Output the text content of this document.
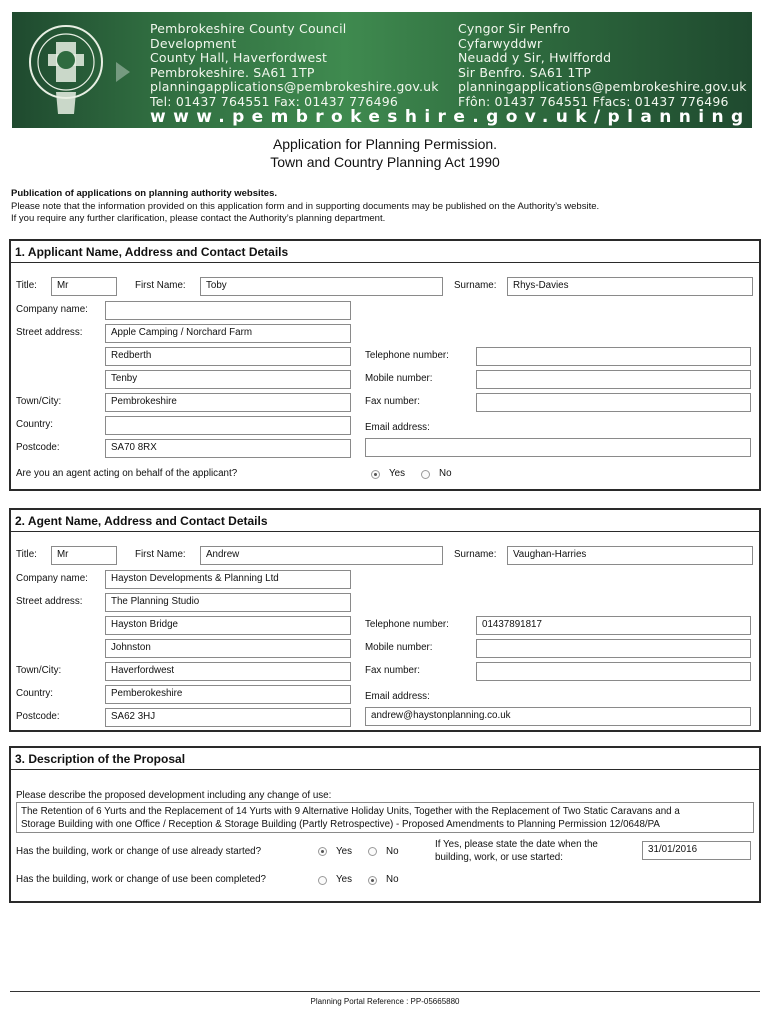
Pembrokeshire County Council
Development
County Hall, Haverfordwest
Pembrokeshire. SA61 1TP
planningapplications@pembrokeshire.gov.uk
Tel: 01437 764551 Fax: 01437 776496
Cyngor Sir Penfro
Cyfarwyddwr
Neuadd y Sir, Hwlffordd
Sir Benfro. SA61 1TP
planningapplications@pembrokeshire.gov.uk
Ffôn: 01437 764551 Ffacs: 01437 776496
www.pembrokeshire.gov.uk/planning
Application for Planning Permission.
Town and Country Planning Act 1990
Publication of applications on planning authority websites.
Please note that the information provided on this application form and in supporting documents may be published on the Authority’s website.
If you require any further clarification, please contact the Authority’s planning department.
1. Applicant Name, Address and Contact Details
Title:	Mr	First Name:	Toby	Surname:	Rhys-Davies
Company name:
Street address:	Apple Camping / Norchard Farm
Redberth
Tenby
Town/City:	Pembrokeshire
Country:
Postcode:	SA70 8RX
Telephone number:
Mobile number:
Fax number:
Email address:
Are you an agent acting on behalf of the applicant?	Yes	No
2. Agent Name, Address and Contact Details
Title:	Mr	First Name:	Andrew	Surname:	Vaughan-Harries
Company name:	Hayston Developments & Planning Ltd
Street address:	The Planning Studio
Hayston Bridge
Johnston
Town/City:	Haverfordwest
Country:	Pemberokeshire
Postcode:	SA62 3HJ
Telephone number:	01437891817
Mobile number:
Fax number:
Email address:
andrew@haystonplanning.co.uk
3. Description of the Proposal
Please describe the proposed development including any change of use:
The Retention of 6 Yurts and the Replacement of 14 Yurts with 9 Alternative Holiday Units, Together with the Replacement of Two Static Caravans and a
Storage Building with one Office / Reception & Storage Building (Partly Retrospective) - Proposed Amendments to Planning Permission 12/0648/PA
Has the building, work or change of use already started?	Yes	No
If Yes, please state the date when the
building, work, or use started:
31/01/2016
Has the building, work or change of use been completed?	Yes	No
Planning Portal Reference : PP-05665880
